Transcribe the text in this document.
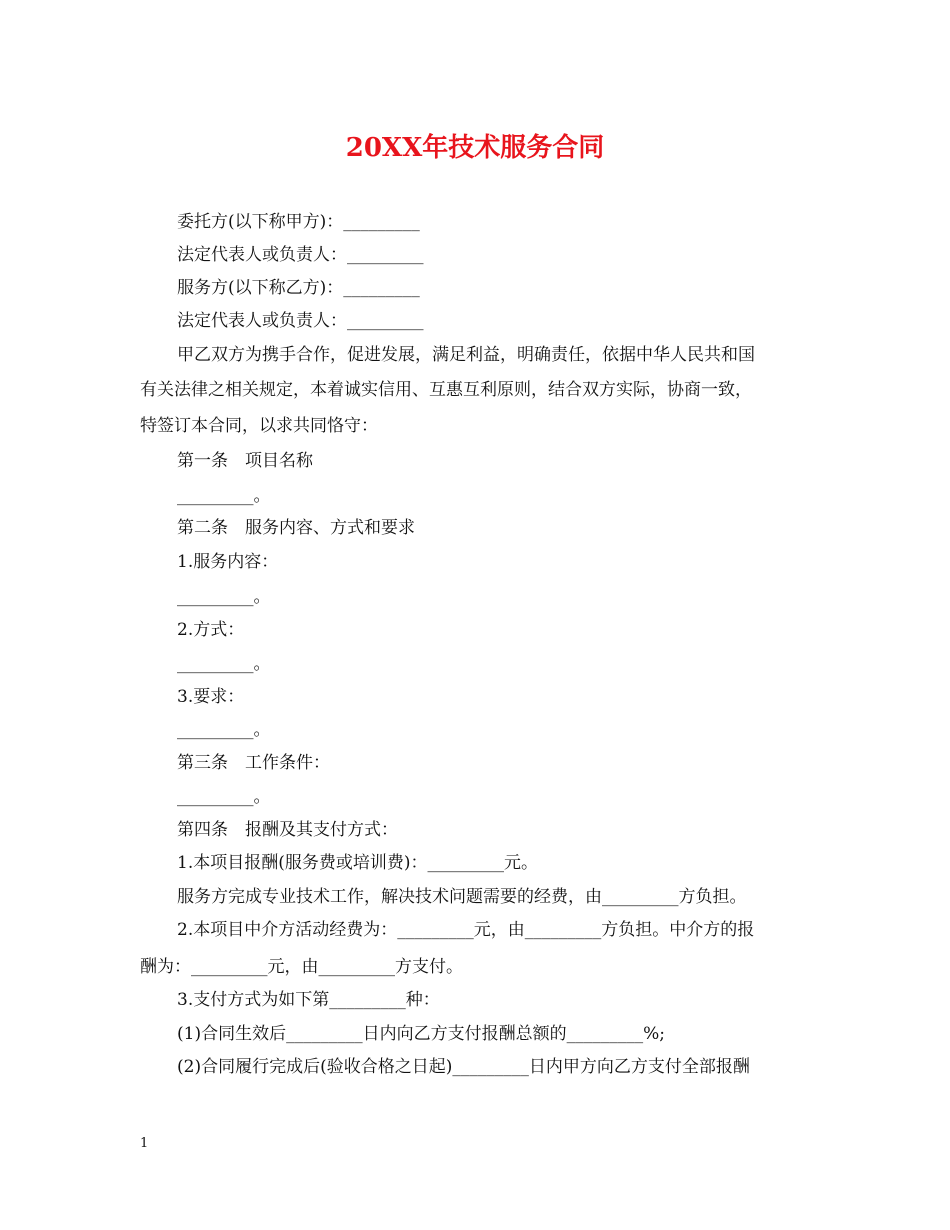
20XX年技术服务合同
委托方(以下称甲方)：_________
法定代表人或负责人：_________
服务方(以下称乙方)：_________
法定代表人或负责人：_________
甲乙双方为携手合作，促进发展，满足利益，明确责任，依据中华人民共和国
有关法律之相关规定，本着诚实信用、互惠互利原则，结合双方实际，协商一致，
特签订本合同，以求共同恪守：
第一条　项目名称
_________。
第二条　服务内容、方式和要求
1.服务内容：
_________。
2.方式：
_________。
3.要求：
_________。
第三条　工作条件：
_________。
第四条　报酬及其支付方式：
1.本项目报酬(服务费或培训费)：_________元。
服务方完成专业技术工作，解决技术问题需要的经费，由_________方负担。
2.本项目中介方活动经费为：_________元，由_________方负担。中介方的报
酬为：_________元，由_________方支付。
3.支付方式为如下第_________种：
(1)合同生效后_________日内向乙方支付报酬总额的_________%;
(2)合同履行完成后(验收合格之日起)_________日内甲方向乙方支付全部报酬
1
